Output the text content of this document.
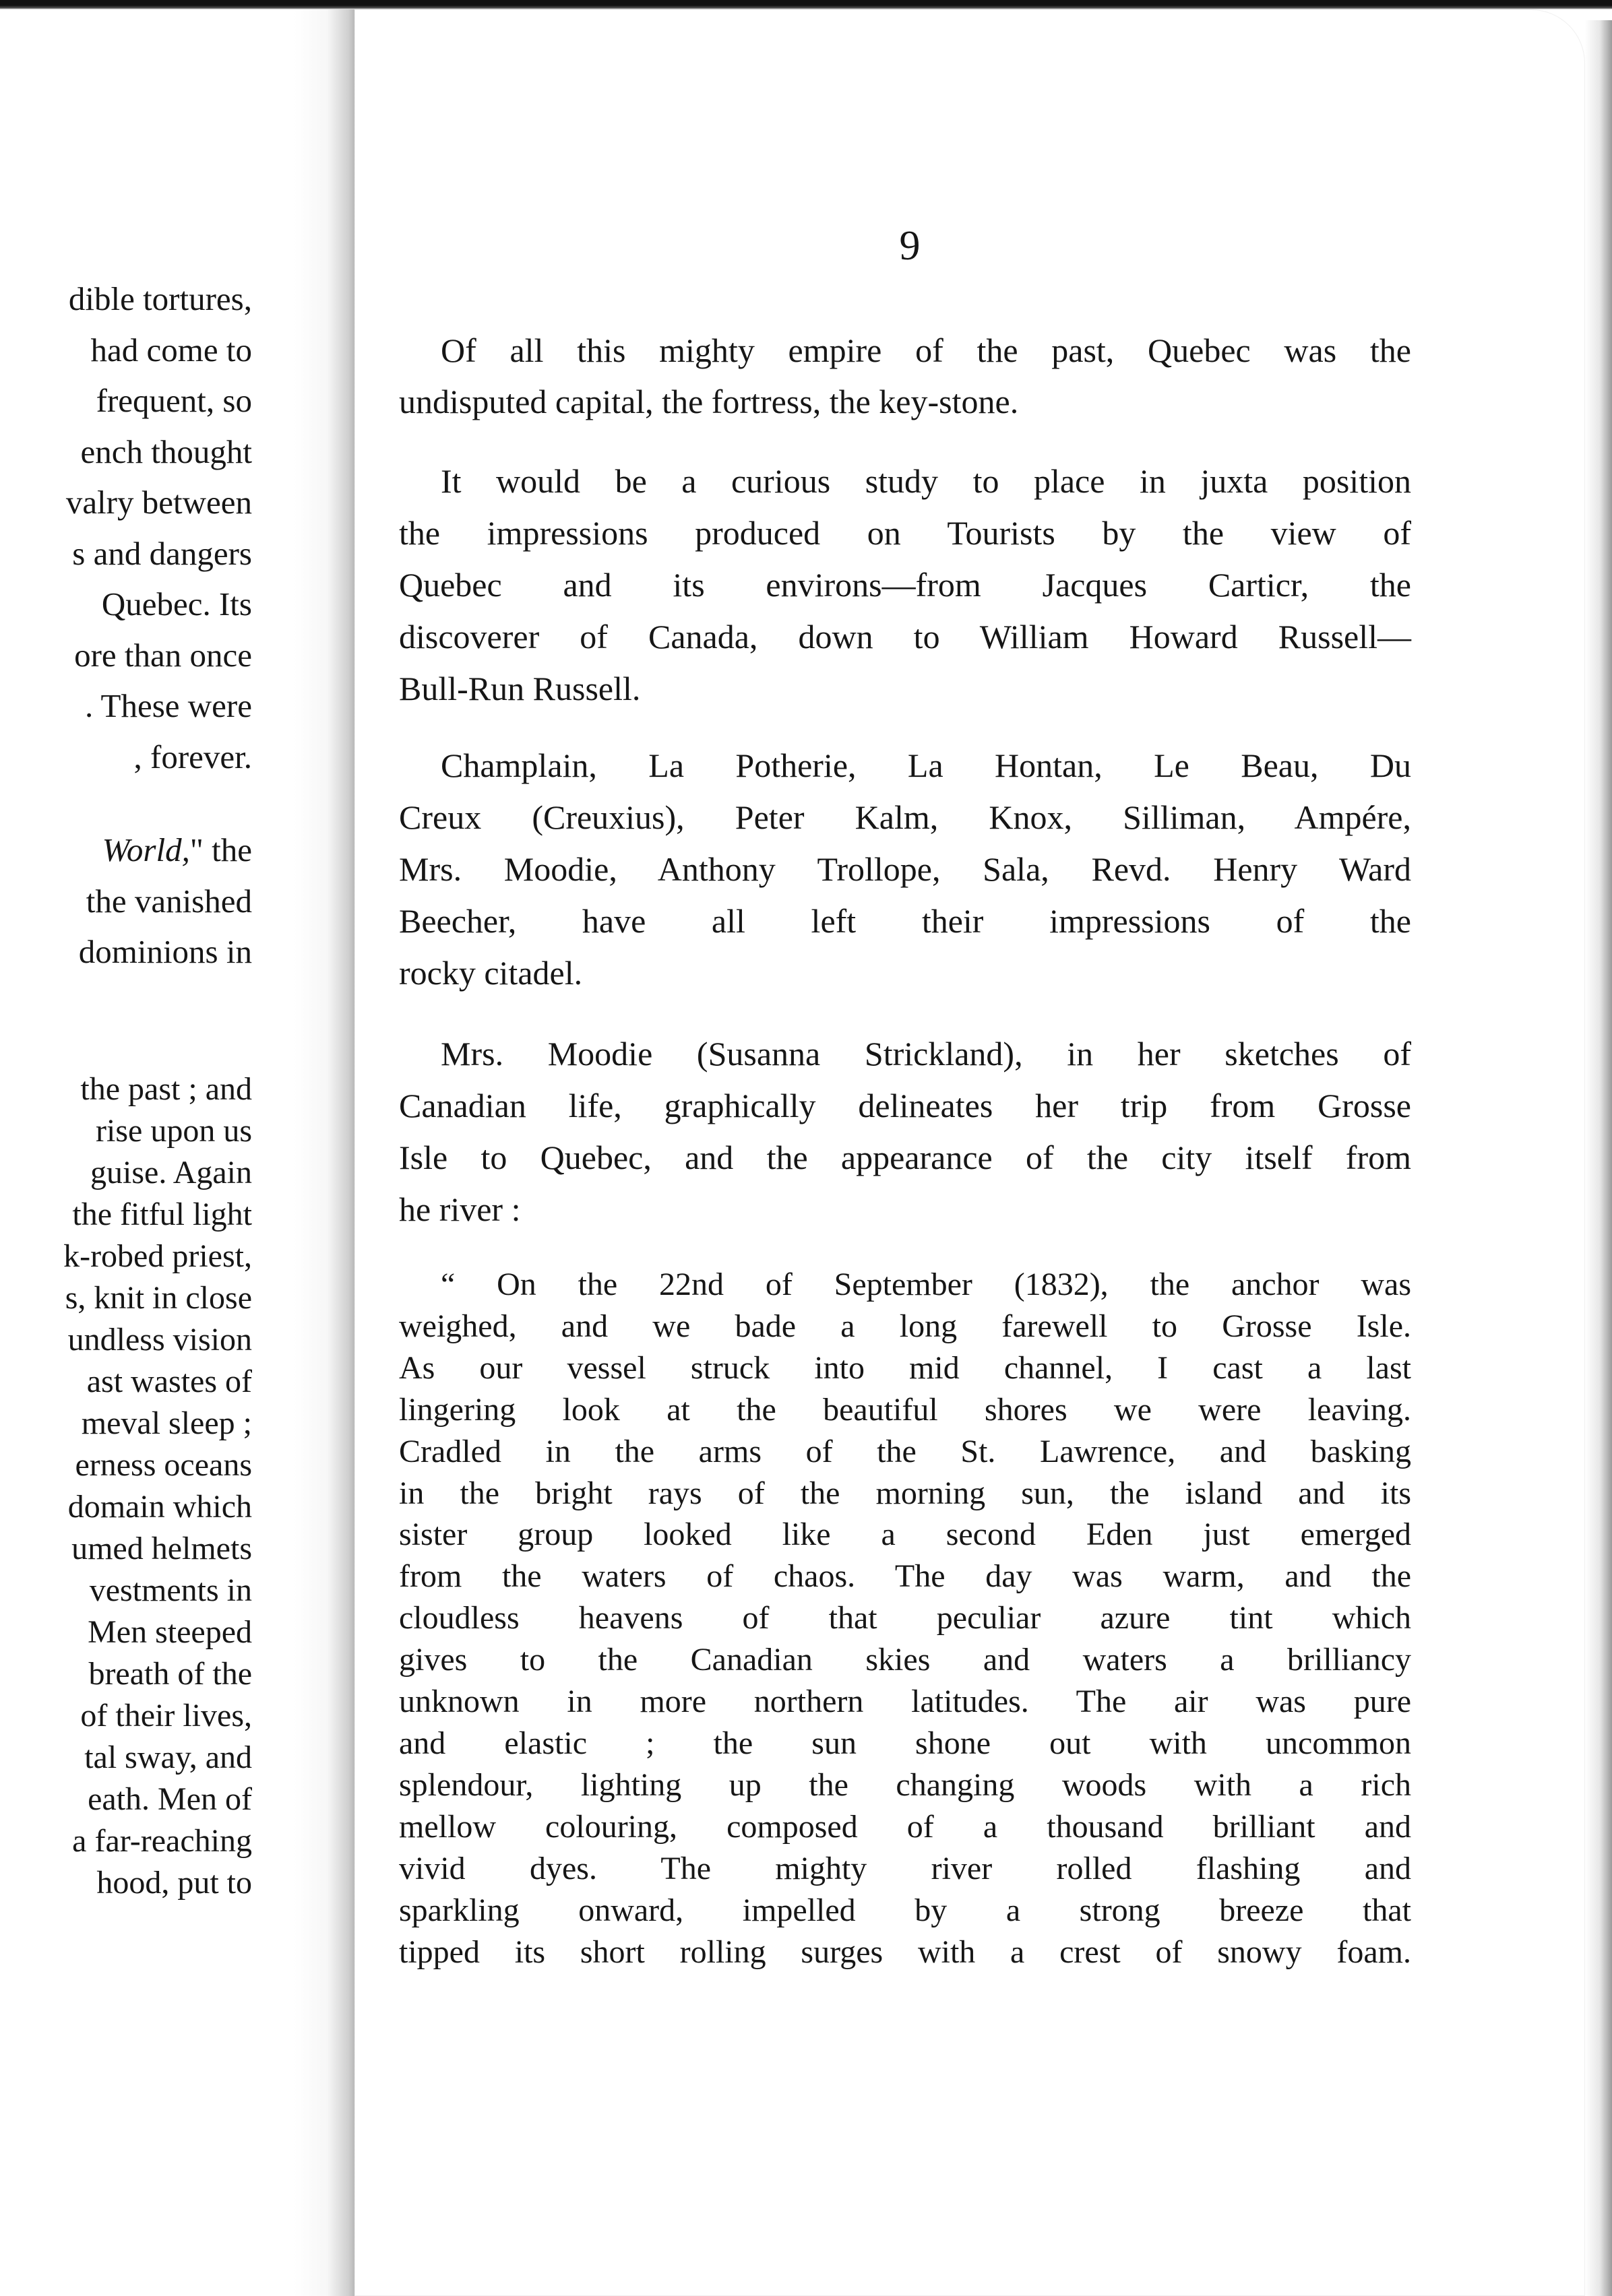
dible tortures,
had come to
frequent, so
ench thought
valry between
s and dangers
Quebec. Its
ore than once
. These were
, forever.
World," the
the vanished
dominions in
the past ; and
rise upon us
guise. Again
the fitful light
k-robed priest,
s, knit in close
undless vision
ast wastes of
meval sleep ;
erness oceans
domain which
umed helmets
vestments in
Men steeped
breath of the
of their lives,
tal sway, and
eath. Men of
a far-reaching
hood, put to
9
Of all this mighty empire of the past, Quebec was the
undisputed capital, the fortress, the key-stone.
It would be a curious study to place in juxta position
the impressions produced on Tourists by the view of
Quebec and its environs—from Jacques Carticr, the
discoverer of Canada, down to William Howard Russell—
Bull-Run Russell.
Champlain, La Potherie, La Hontan, Le Beau, Du
Creux (Creuxius), Peter Kalm, Knox, Silliman, Ampére,
Mrs. Moodie, Anthony Trollope, Sala, Revd. Henry Ward
Beecher, have all left their impressions of the
rocky citadel.
Mrs. Moodie (Susanna Strickland), in her sketches of
Canadian life, graphically delineates her trip from Grosse
Isle to Quebec, and the appearance of the city itself from
he river :
“ On the 22nd of September (1832), the anchor was
weighed, and we bade a long farewell to Grosse Isle.
As our vessel struck into mid channel, I cast a last
lingering look at the beautiful shores we were leaving.
Cradled in the arms of the St. Lawrence, and basking
in the bright rays of the morning sun, the island and its
sister group looked like a second Eden just emerged
from the waters of chaos. The day was warm, and the
cloudless heavens of that peculiar azure tint which
gives to the Canadian skies and waters a brilliancy
unknown in more northern latitudes. The air was pure
and elastic ; the sun shone out with uncommon
splendour, lighting up the changing woods with a rich
mellow colouring, composed of a thousand brilliant and
vivid dyes. The mighty river rolled flashing and
sparkling onward, impelled by a strong breeze that
tipped its short rolling surges with a crest of snowy foam.
